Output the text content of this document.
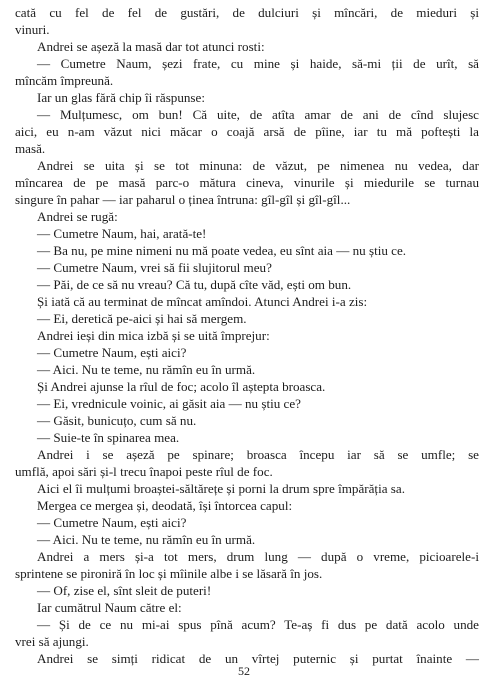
cată cu fel de fel de gustări, de dulciuri și mîncări, de mieduri și
vinuri.
Andrei se așeză la masă dar tot atunci rosti:
— Cumetre Naum, șezi frate, cu mine și haide, să-mi ții de urît, să
mîncăm împreună.
Iar un glas fără chip îi răspunse:
— Mulțumesc, om bun! Că uite, de atîta amar de ani de cînd slujesc
aici, eu n-am văzut nici măcar o coajă arsă de pîine, iar tu mă poftești la
masă.
Andrei se uita și se tot minuna: de văzut, pe nimenea nu vedea, dar
mîncarea de pe masă parc-o mătura cineva, vinurile și miedurile se turnau
singure în pahar — iar paharul o ținea întruna: gîl-gîl și gîl-gîl...
Andrei se rugă:
— Cumetre Naum, hai, arată-te!
— Ba nu, pe mine nimeni nu mă poate vedea, eu sînt aia — nu știu ce.
— Cumetre Naum, vrei să fii slujitorul meu?
— Păi, de ce să nu vreau? Că tu, după cîte văd, ești om bun.
Și iată că au terminat de mîncat amîndoi. Atunci Andrei i-a zis:
— Ei, deretică pe-aici și hai să mergem.
Andrei ieși din mica izbă și se uită împrejur:
— Cumetre Naum, ești aici?
— Aici. Nu te teme, nu rămîn eu în urmă.
Și Andrei ajunse la rîul de foc; acolo îl aștepta broasca.
— Ei, vrednicule voinic, ai găsit aia — nu știu ce?
— Găsit, bunicuțo, cum să nu.
— Suie-te în spinarea mea.
Andrei i se așeză pe spinare; broasca începu iar să se umfle; se
umflă, apoi sări și-l trecu înapoi peste rîul de foc.
Aici el îi mulțumi broaștei-săltărețe și porni la drum spre împărăția sa.
Mergea ce mergea și, deodată, își întorcea capul:
— Cumetre Naum, ești aici?
— Aici. Nu te teme, nu rămîn eu în urmă.
Andrei a mers și-a tot mers, drum lung — după o vreme, picioarele-i
sprintene se pironiră în loc și mîinile albe i se lăsară în jos.
— Of, zise el, sînt sleit de puteri!
Iar cumătrul Naum către el:
— Și de ce nu mi-ai spus pînă acum? Te-aș fi dus pe dată acolo unde
vrei să ajungi.
Andrei se simți ridicat de un vîrtej puternic și purtat înainte —
52
